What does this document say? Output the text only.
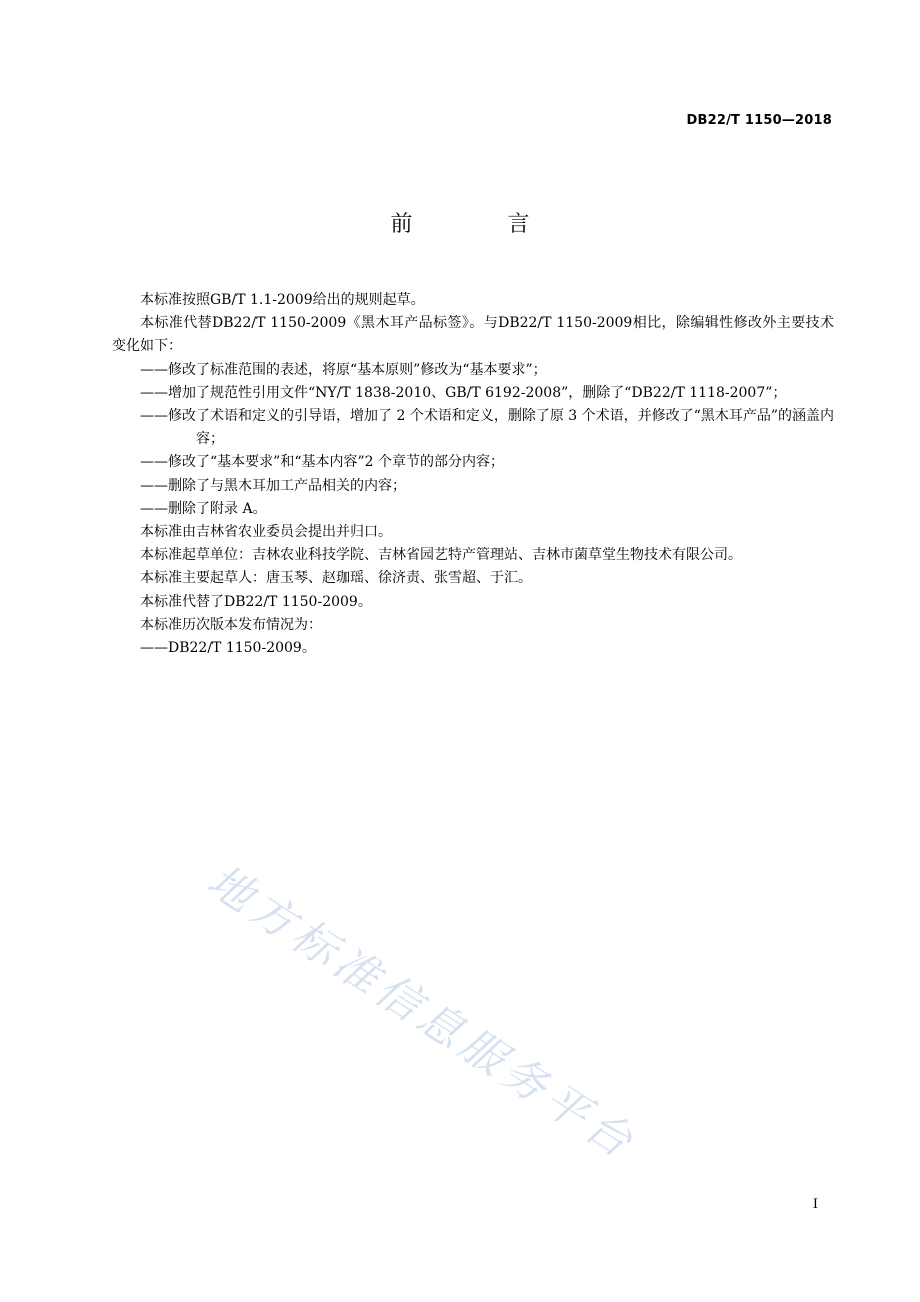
DB22/T 1150—2018
前 言

本标准按照GB/T 1.1-2009给出的规则起草。

本标准代替DB22/T 1150-2009《黑木耳产品标签》。与DB22/T 1150-2009相比，除编辑性修改外主要技术变化如下：

——修改了标准范围的表述，将原“基本原则”修改为“基本要求”；

——增加了规范性引用文件“NY/T 1838-2010、GB/T 6192-2008”，删除了“DB22/T 1118-2007”；

——修改了术语和定义的引导语，增加了 2 个术语和定义，删除了原 3 个术语，并修改了“黑木耳产品”的涵盖内容；

——修改了“基本要求”和“基本内容”2 个章节的部分内容；

——删除了与黑木耳加工产品相关的内容；

——删除了附录 A。

本标准由吉林省农业委员会提出并归口。

本标准起草单位：吉林农业科技学院、吉林省园艺特产管理站、吉林市菌草堂生物技术有限公司。

本标准主要起草人：唐玉琴、赵珈瑶、徐济责、张雪超、于汇。

本标准代替了DB22/T 1150-2009。

本标准历次版本发布情况为：

——DB22/T 1150-2009。

地方标准信息服务平台
I
